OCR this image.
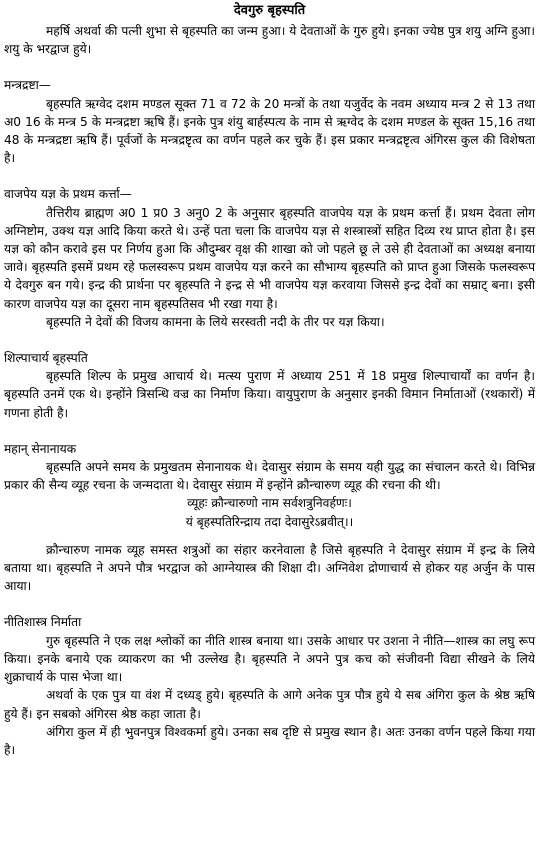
देवगुरु बृहस्पति

महर्षि अथर्वा की पत्नी शुभा से बृहस्पति का जन्म हुआ। ये देवताओं के गुरु हुये। इनका ज्येष्ठ पुत्र शयु अग्नि हुआ। शयु के भरद्वाज हुये।

मन्त्रद्रष्टा—

बृहस्पति ऋग्वेद दशम मण्डल सूक्त 71 व 72 के 20 मन्त्रों के तथा यजुर्वेद के नवम अध्याय मन्त्र 2 से 13 तथा अ0 16 के मन्त्र 5 के मन्त्रद्रष्टा ऋषि हैं। इनके पुत्र शंयु बार्हस्पत्य के नाम से ऋग्वेद के दशम मण्डल के सूक्त 15,16 तथा 48 के मन्त्रद्रष्टा ऋषि हैं। पूर्वजों के मन्त्रद्रष्टृत्व का वर्णन पहले कर चुके हैं। इस प्रकार मन्त्रद्रष्टृत्व अंगिरस कुल की विशेषता है।

वाजपेय यज्ञ के प्रथम कर्त्ता—

तैत्तिरीय ब्राह्मण अ0 1 प्र0 3 अनु0 2 के अनुसार बृहस्पति वाजपेय यज्ञ के प्रथम कर्त्ता हैं। प्रथम देवता लोग अग्निष्टोम, उक्थ यज्ञ आदि किया करते थे। उन्हें पता चला कि वाजपेय यज्ञ से शस्त्रास्त्रों सहित दिव्य रथ प्राप्त होता है। इस यज्ञ को कौन करावे इस पर निर्णय हुआ कि औदुम्बर वृक्ष की शाखा को जो पहले छू ले उसे ही देवताओं का अध्यक्ष बनाया जावे। बृहस्पति इसमें प्रथम रहे फलस्वरूप प्रथम वाजपेय यज्ञ करने का सौभाग्य बृहस्पति को प्राप्त हुआ जिसके फलस्वरूप ये देवगुरु बन गये। इन्द्र की प्रार्थना पर बृहस्पति ने इन्द्र से भी वाजपेय यज्ञ करवाया जिससे इन्द्र देवों का सम्राट् बना। इसी कारण वाजपेय यज्ञ का दूसरा नाम बृहस्पतिसव भी रखा गया है।

बृहस्पति ने देवों की विजय कामना के लिये सरस्वती नदी के तीर पर यज्ञ किया।

शिल्पाचार्य बृहस्पति

बृहस्पति शिल्प के प्रमुख आचार्य थे। मत्स्य पुराण में अध्याय 251 में 18 प्रमुख शिल्पाचार्यों का वर्णन है। बृहस्पति उनमें एक थे। इन्होंने त्रिसन्धि वज्र का निर्माण किया। वायुपुराण के अनुसार इनकी विमान निर्माताओं (रथकारों) में गणना होती है।

महान् सेनानायक

बृहस्पति अपने समय के प्रमुखतम सेनानायक थे। देवासुर संग्राम के समय यही युद्ध का संचालन करते थे। विभिन्न प्रकार की सैन्य व्यूह रचना के जन्मदाता थे। देवासुर संग्राम में इन्होंने क्रौन्चारुण व्यूह की रचना की थी।

व्यूहः क्रौन्चारुणो नाम सर्वशत्रुनिवर्हणः।

यं बृहस्पतिरिन्द्राय तदा देवासुरेऽब्रवीत्।।

क्रौन्चारुण नामक व्यूह समस्त शत्रुओं का संहार करनेवाला है जिसे बृहस्पति ने देवासुर संग्राम में इन्द्र के लिये बताया था। बृहस्पति ने अपने पौत्र भरद्वाज को आग्नेयास्त्र की शिक्षा दी। अग्निवेश द्रोणाचार्य से होकर यह अर्जुन के पास आया।

नीतिशास्त्र निर्माता

गुरु बृहस्पति ने एक लक्ष श्लोकों का नीति शास्त्र बनाया था। उसके आधार पर उशना ने नीति—शास्त्र का लघु रूप किया। इनके बनाये एक व्याकरण का भी उल्लेख है। बृहस्पति ने अपने पुत्र कच को संजीवनी विद्या सीखने के लिये शुक्राचार्य के पास भेजा था।

अथर्वा के एक पुत्र या वंश में दध्यड् हुये। बृहस्पति के आगे अनेक पुत्र पौत्र हुये ये सब अंगिरा कुल के श्रेष्ठ ऋषि हुये हैं। इन सबको अंगिरस श्रेष्ठ कहा जाता है।

अंगिरा कुल में ही भुवनपुत्र विश्वकर्मा हुये। उनका सब दृष्टि से प्रमुख स्थान है। अतः उनका वर्णन पहले किया गया है।
